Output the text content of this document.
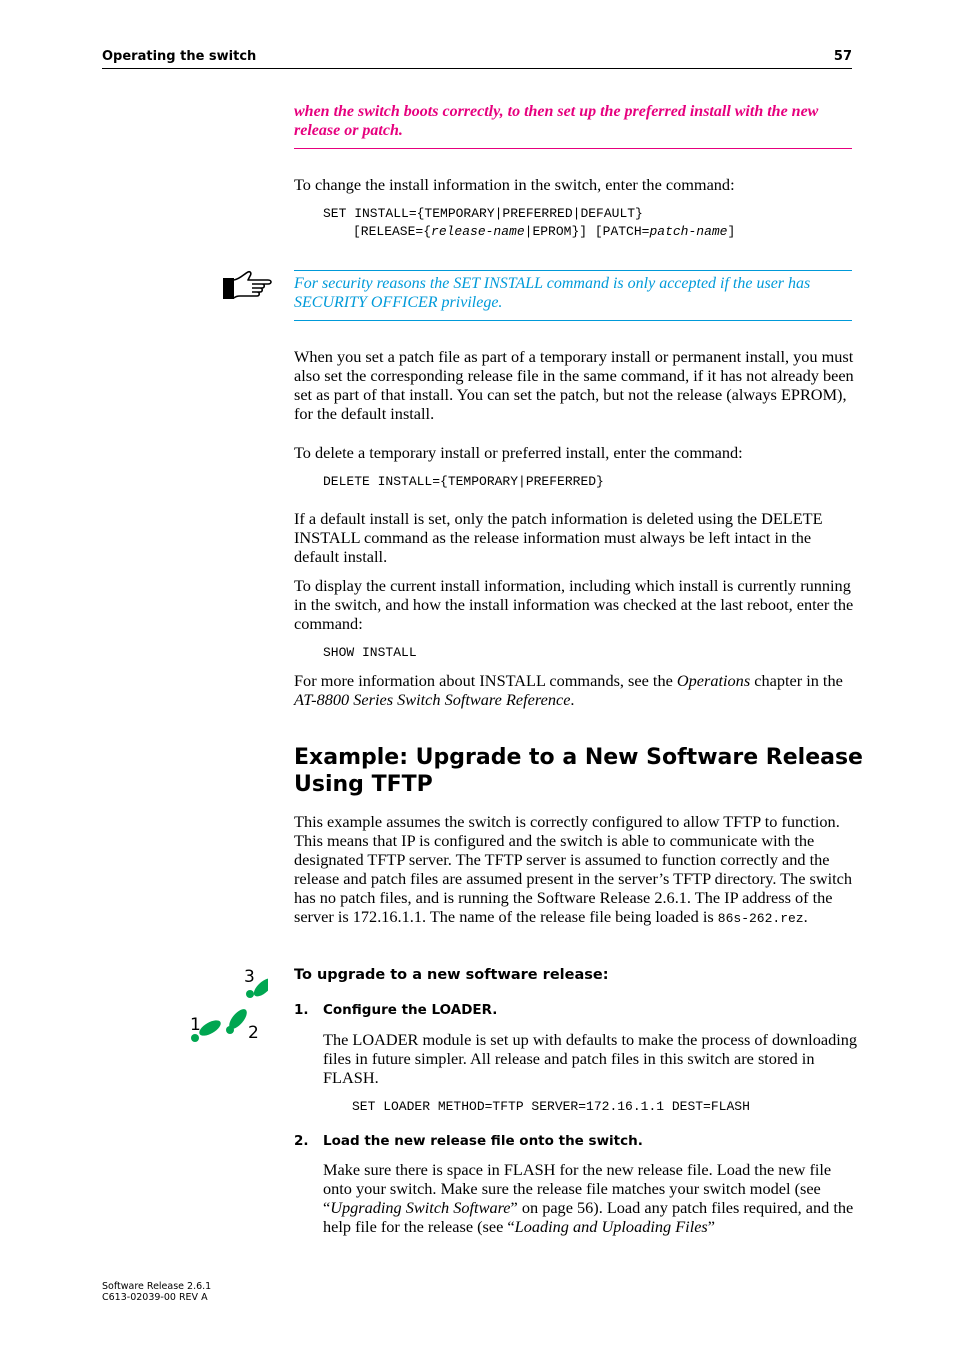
Operating the switch	57
when the switch boots correctly, to then set up the preferred install with the new release or patch.
To change the install information in the switch, enter the command:
SET INSTALL={TEMPORARY|PREFERRED|DEFAULT}
[RELEASE={release-name|EPROM}] [PATCH=patch-name]
For security reasons the SET INSTALL command is only accepted if the user has SECURITY OFFICER privilege.
When you set a patch file as part of a temporary install or permanent install, you must also set the corresponding release file in the same command, if it has not already been set as part of that install. You can set the patch, but not the release (always EPROM), for the default install.
To delete a temporary install or preferred install, enter the command:
DELETE INSTALL={TEMPORARY|PREFERRED}
If a default install is set, only the patch information is deleted using the DELETE INSTALL command as the release information must always be left intact in the default install.
To display the current install information, including which install is currently running in the switch, and how the install information was checked at the last reboot, enter the command:
SHOW INSTALL
For more information about INSTALL commands, see the Operations chapter in the AT-8800 Series Switch Software Reference.
Example: Upgrade to a New Software Release Using TFTP
This example assumes the switch is correctly configured to allow TFTP to function. This means that IP is configured and the switch is able to communicate with the designated TFTP server. The TFTP server is assumed to function correctly and the release and patch files are assumed present in the server’s TFTP directory. The switch has no patch files, and is running the Software Release 2.6.1. The IP address of the server is 172.16.1.1. The name of the release file being loaded is 86s-262.rez.
3
1	2
To upgrade to a new software release:
1. Configure the LOADER.
The LOADER module is set up with defaults to make the process of downloading files in future simpler. All release and patch files in this switch are stored in FLASH.
SET LOADER METHOD=TFTP SERVER=172.16.1.1 DEST=FLASH
2. Load the new release file onto the switch.
Make sure there is space in FLASH for the new release file. Load the new file onto your switch. Make sure the release file matches your switch model (see “Upgrading Switch Software” on page 56). Load any patch files required, and the help file for the release (see “Loading and Uploading Files”
Software Release 2.6.1
C613-02039-00 REV A
